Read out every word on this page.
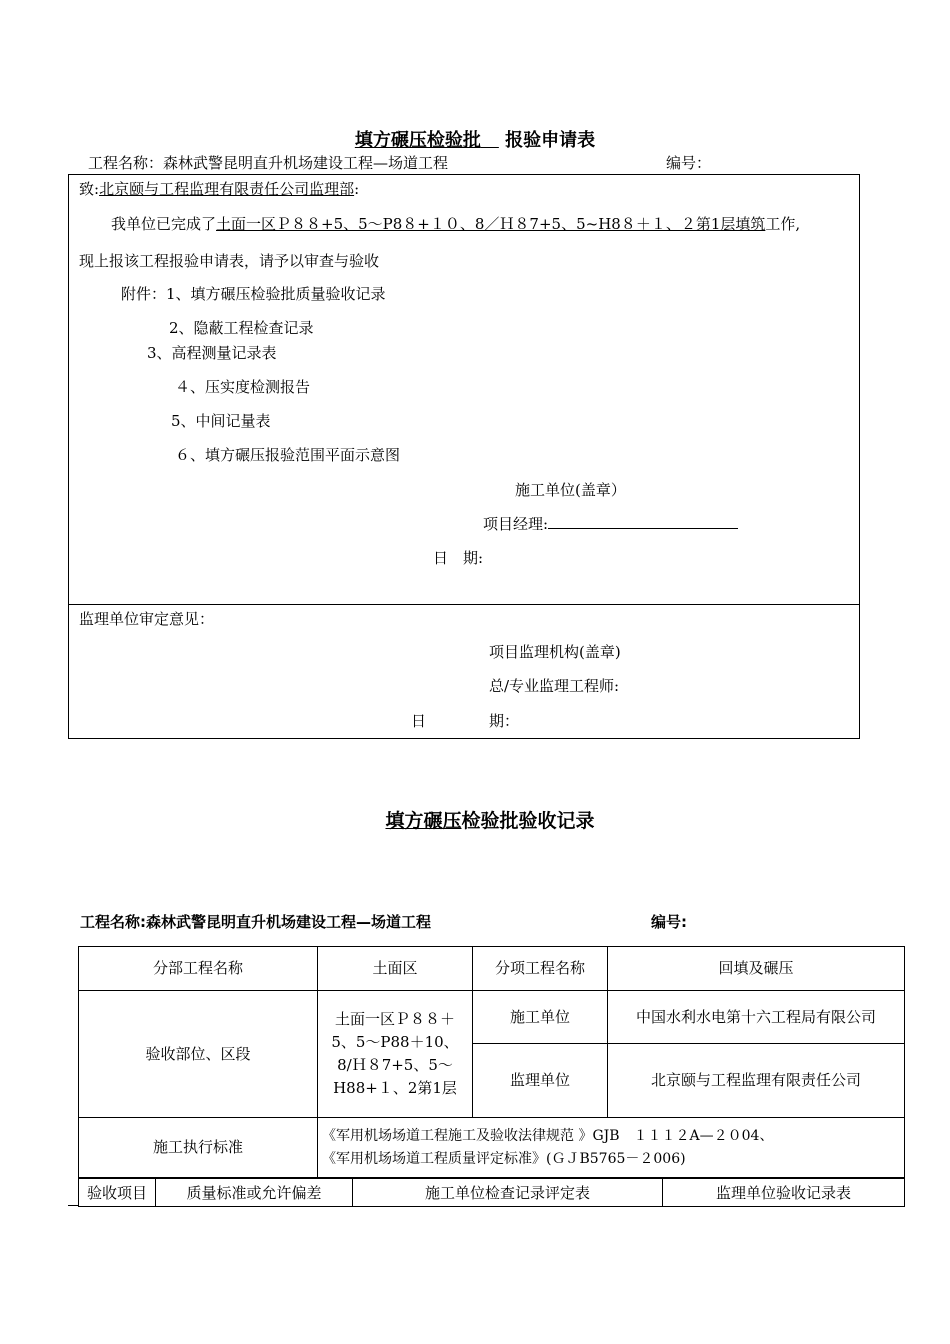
填方碾压检验批　 报验申请表
工程名称：森林武警昆明直升机场建设工程—场道工程	编号：
致:北京颐与工程监理有限责任公司监理部:
我单位已完成了土面一区Ｐ８８+5、5～P8８+１０、8／Ｈ８7+5、5~H8８＋１、２第1层填筑工作,
现上报该工程报验申请表，请予以审查与验收
附件：1、填方碾压检验批质量验收记录
2、隐蔽工程检查记录
3、高程测量记录表
４、压实度检测报告
5、中间记量表
６、填方碾压报验范围平面示意图
施工单位(盖章）
项目经理:
日　期:
监理单位审定意见：
项目监理机构(盖章)
总/专业监理工程师:
日	期：
填方碾压检验批验收记录
工程名称:森林武警昆明直升机场建设工程—场道工程	编号:
分部工程名称	土面区	分项工程名称	回填及碾压
验收部位、区段	土面一区Ｐ８８＋5、5～P88＋10、8/Ｈ８7+5、5～H88+１、2第1层	施工单位	中国水利水电第十六工程局有限公司
		监理单位	北京颐与工程监理有限责任公司
施工执行标准	《军用机场场道工程施工及验收法律规范 》GJB　１１１２A—２０04、
《军用机场场道工程质量评定标准》(ＧＪB5765－２006)		
验收项目	质量标准或允许偏差	施工单位检查记录评定表	监理单位验收记录表
